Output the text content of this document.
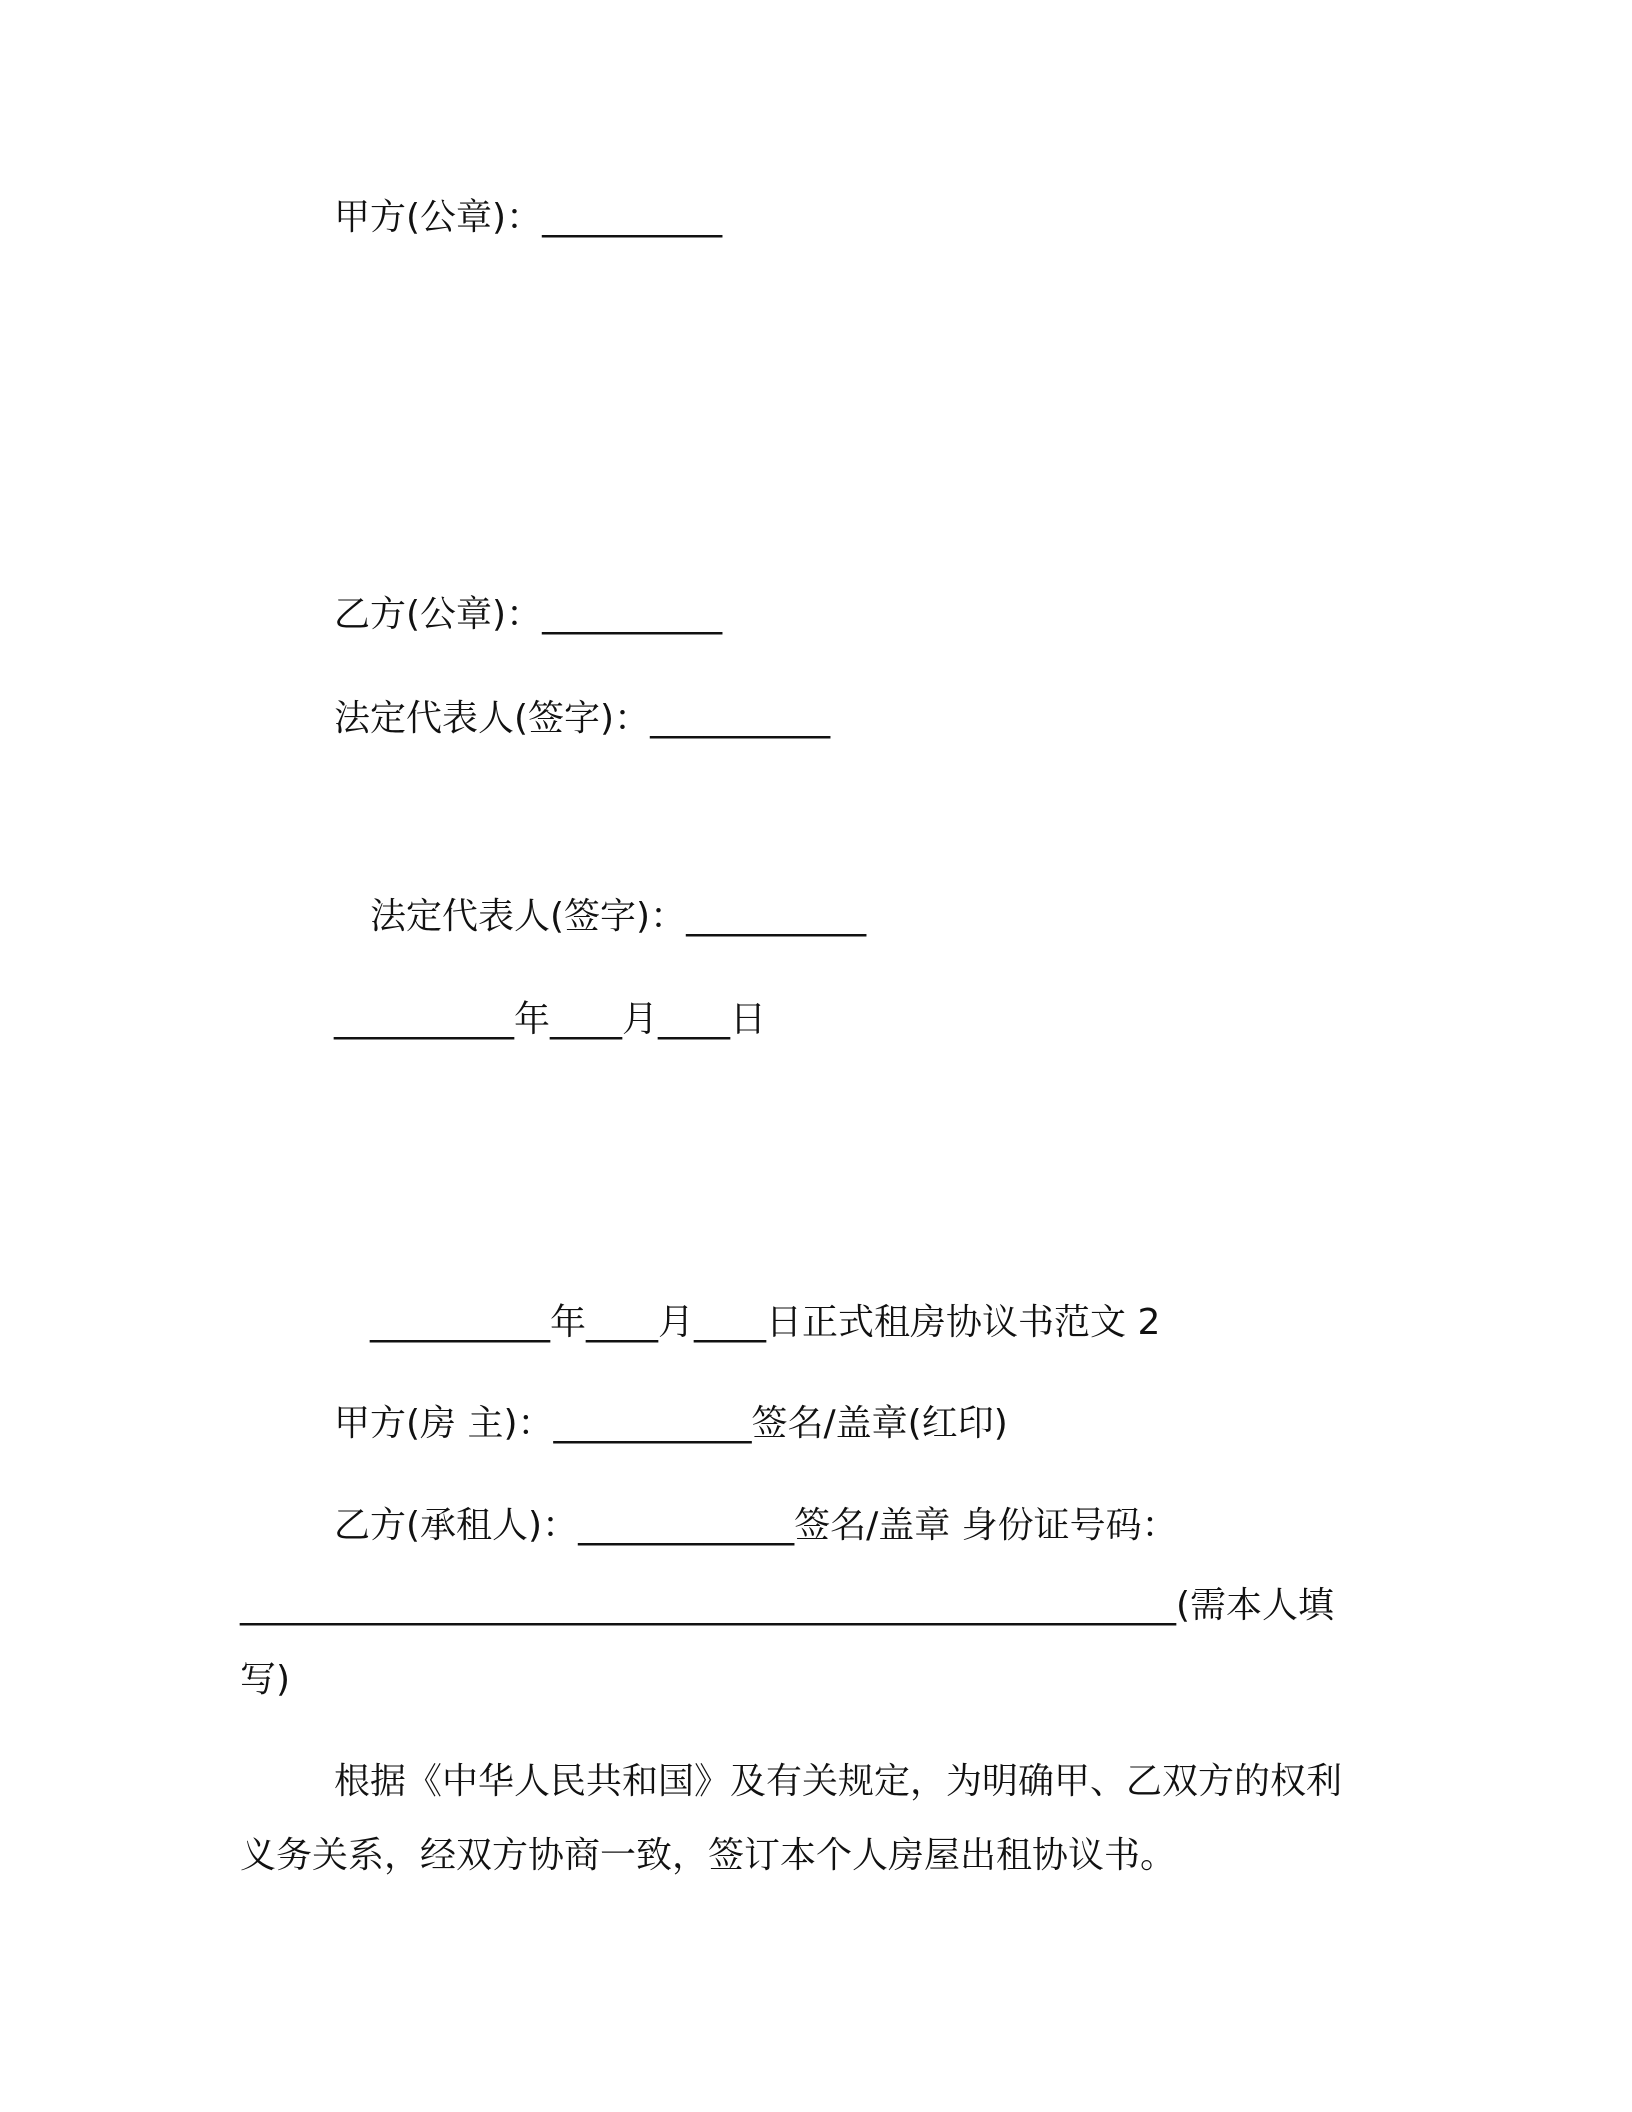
甲方(公章)：__________

乙方(公章)：__________

法定代表人(签字)：__________

法定代表人(签字)：__________

__________年____月____日

__________年____月____日正式租房协议书范文 2

甲方(房 主)：___________签名/盖章(红印)

乙方(承租人)：____________签名/盖章 身份证号码：

____________________________________________________(需本人填

写)

根据《中华人民共和国》及有关规定，为明确甲、乙双方的权利

义务关系，经双方协商一致，签订本个人房屋出租协议书。
